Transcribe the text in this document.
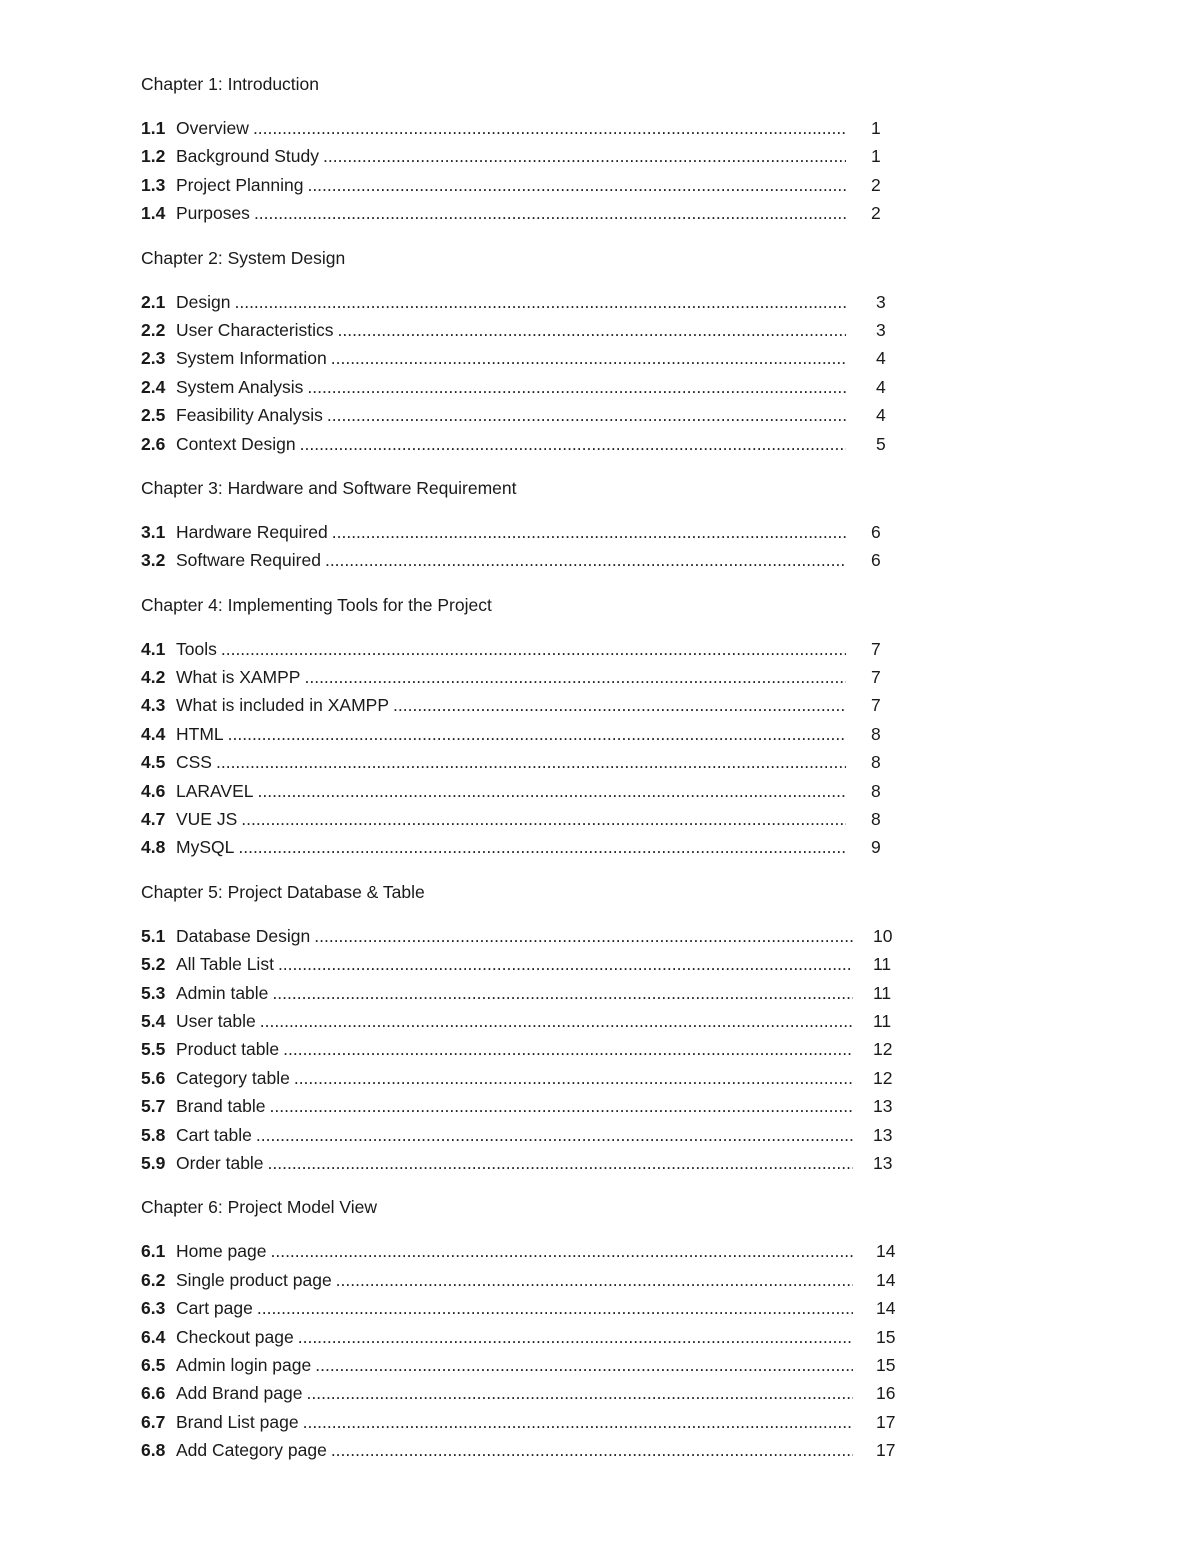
Chapter 1: Introduction
1.1 Overview .....	1
1.2 Background Study .....	1
1.3 Project Planning .....	2
1.4 Purposes .....	2
Chapter 2: System Design
2.1 Design .....	3
2.2 User Characteristics .....	3
2.3 System Information .....	4
2.4 System Analysis .....	4
2.5 Feasibility Analysis .....	4
2.6 Context Design .....	5
Chapter 3: Hardware and Software Requirement
3.1 Hardware Required .....	6
3.2 Software Required .....	6
Chapter 4: Implementing Tools for the Project
4.1 Tools .....	7
4.2 What is XAMPP .....	7
4.3 What is included in XAMPP .....	7
4.4 HTML .....	8
4.5 CSS .....	8
4.6 LARAVEL .....	8
4.7 VUE JS .....	8
4.8 MySQL .....	9
Chapter 5: Project Database & Table
5.1 Database Design .....	10
5.2 All Table List .....	11
5.3 Admin table .....	11
5.4 User table .....	11
5.5 Product table .....	12
5.6 Category table .....	12
5.7 Brand table .....	13
5.8 Cart table .....	13
5.9 Order table .....	13
Chapter 6: Project Model View
6.1 Home page .....	14
6.2 Single product page .....	14
6.3 Cart page .....	14
6.4 Checkout page .....	15
6.5 Admin login page .....	15
6.6 Add Brand page .....	16
6.7 Brand List page .....	17
6.8 Add Category page .....	17
